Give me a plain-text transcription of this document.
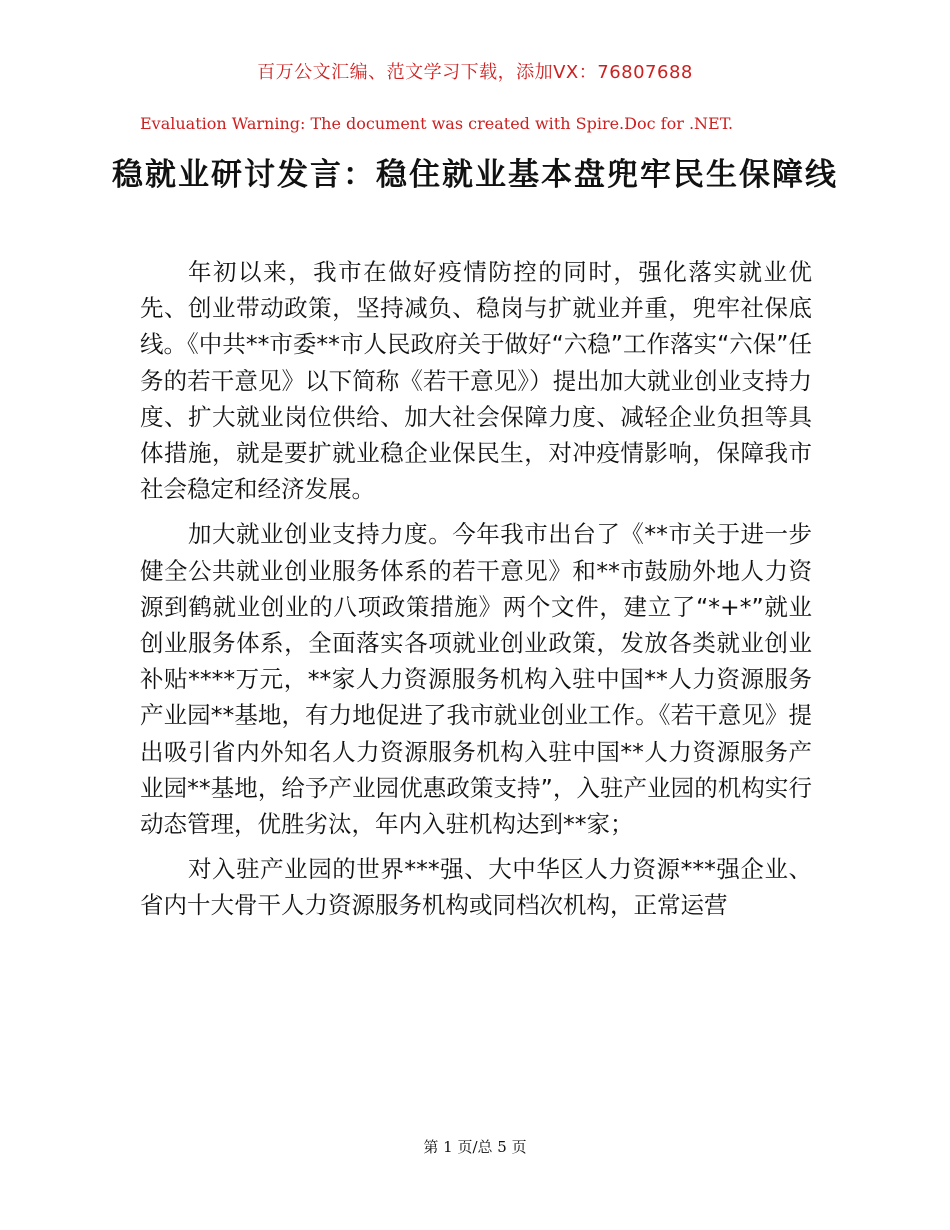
百万公文汇编、范文学习下载，添加VX：76807688
Evaluation Warning: The document was created with Spire.Doc for .NET.
稳就业研讨发言：稳住就业基本盘兜牢民生保障线

年初以来，我市在做好疫情防控的同时，强化落实就业优先、创业带动政策，坚持减负、稳岗与扩就业并重，兜牢社保底线。《中共**市委**市人民政府关于做好“六稳”工作落实“六保”任务的若干意见》以下简称《若干意见》）提出加大就业创业支持力度、扩大就业岗位供给、加大社会保障力度、减轻企业负担等具体措施，就是要扩就业稳企业保民生，对冲疫情影响，保障我市社会稳定和经济发展。

加大就业创业支持力度。今年我市出台了《**市关于进一步健全公共就业创业服务体系的若干意见》和**市鼓励外地人力资源到鹤就业创业的八项政策措施》两个文件，建立了“*+*”就业创业服务体系，全面落实各项就业创业政策，发放各类就业创业补贴****万元，**家人力资源服务机构入驻中国**人力资源服务产业园**基地，有力地促进了我市就业创业工作。《若干意见》提出吸引省内外知名人力资源服务机构入驻中国**人力资源服务产业园**基地，给予产业园优惠政策支持”，入驻产业园的机构实行动态管理，优胜劣汰，年内入驻机构达到**家；

对入驻产业园的世界***强、大中华区人力资源***强企业、省内十大骨干人力资源服务机构或同档次机构，正常运营

第 1 页/总 5 页
